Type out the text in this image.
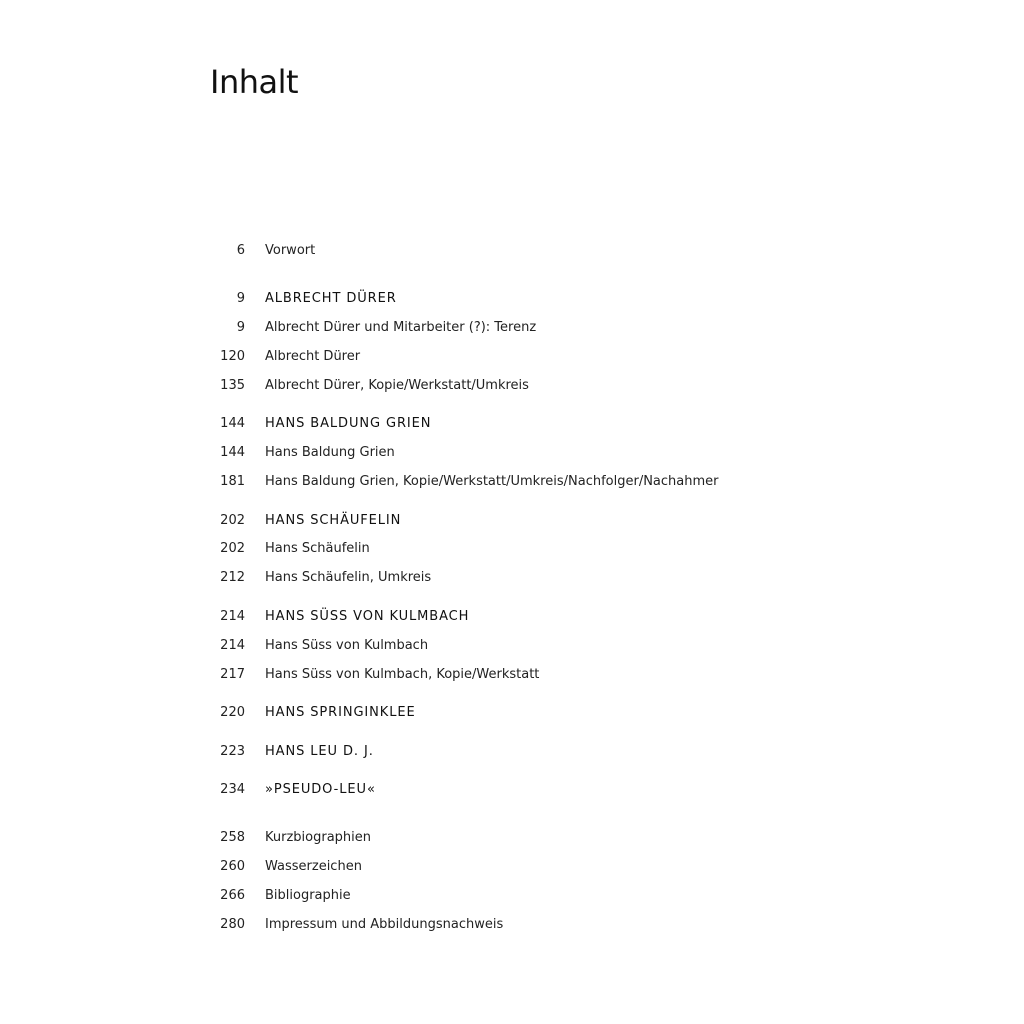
Inhalt
6 Vorwort
9 ALBRECHT DÜRER
9 Albrecht Dürer und Mitarbeiter (?): Terenz
120 Albrecht Dürer
135 Albrecht Dürer, Kopie/Werkstatt/Umkreis
144 HANS BALDUNG GRIEN
144 Hans Baldung Grien
181 Hans Baldung Grien, Kopie/Werkstatt/Umkreis/Nachfolger/Nachahmer
202 HANS SCHÄUFELIN
202 Hans Schäufelin
212 Hans Schäufelin, Umkreis
214 HANS SÜSS VON KULMBACH
214 Hans Süss von Kulmbach
217 Hans Süss von Kulmbach, Kopie/Werkstatt
220 HANS SPRINGINKLEE
223 HANS LEU D. J.
234 »PSEUDO-LEU«
258 Kurzbiographien
260 Wasserzeichen
266 Bibliographie
280 Impressum und Abbildungsnachweis
